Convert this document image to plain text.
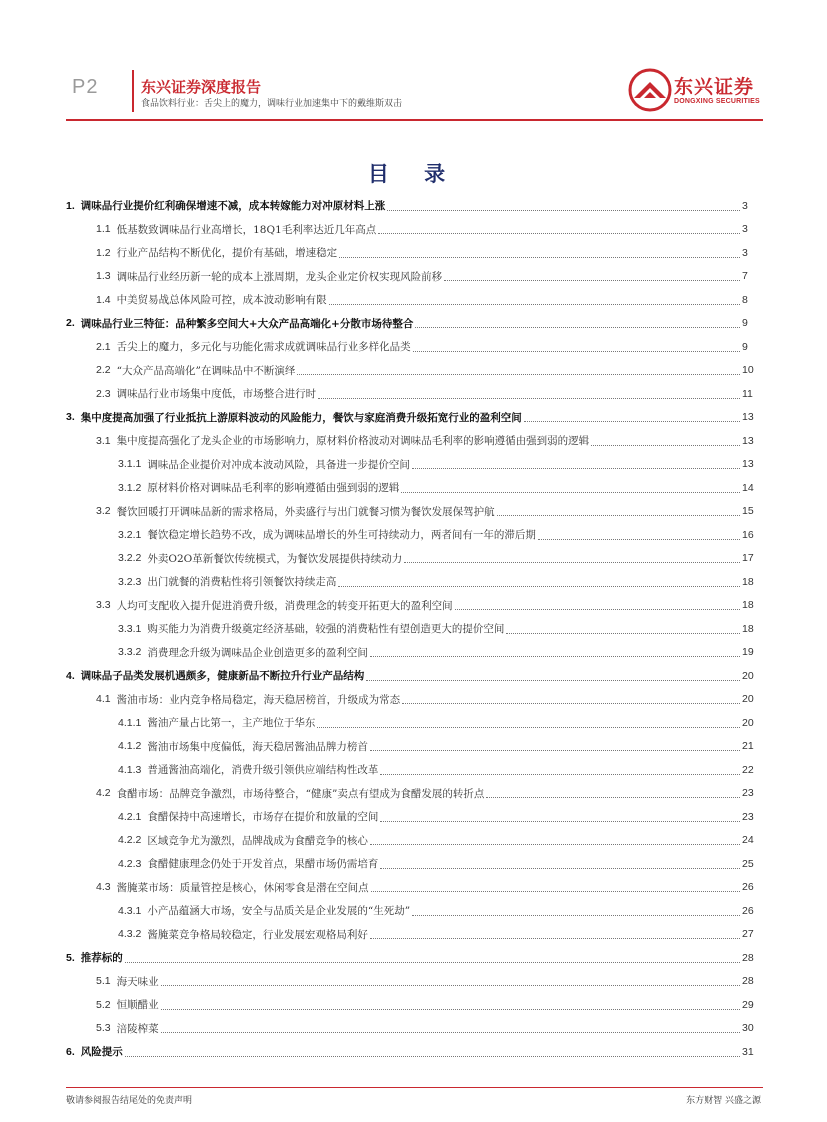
P2	东兴证券深度报告
食品饮料行业：舌尖上的魔力，调味行业加速集中下的戴维斯双击
东兴证券
DONGXING SECURITIES
目 录
1. 调味品行业提价红利确保增速不减，成本转嫁能力对冲原材料上涨	3
1.1 低基数致调味品行业高增长，18Q1毛利率达近几年高点	3
1.2 行业产品结构不断优化，提价有基础，增速稳定	3
1.3 调味品行业经历新一轮的成本上涨周期，龙头企业定价权实现风险前移	7
1.4 中美贸易战总体风险可控，成本波动影响有限	8
2. 调味品行业三特征：品种繁多空间大+大众产品高端化+分散市场待整合	9
2.1 舌尖上的魔力，多元化与功能化需求成就调味品行业多样化品类	9
2.2 “大众产品高端化”在调味品中不断演绎	10
2.3 调味品行业市场集中度低，市场整合进行时	11
3. 集中度提高加强了行业抵抗上游原料波动的风险能力，餐饮与家庭消费升级拓宽行业的盈利空间	13
3.1 集中度提高强化了龙头企业的市场影响力，原材料价格波动对调味品毛利率的影响遵循由强到弱的逻辑	13
3.1.1 调味品企业提价对冲成本波动风险，具备进一步提价空间	13
3.1.2 原材料价格对调味品毛利率的影响遵循由强到弱的逻辑	14
3.2 餐饮回暖打开调味品新的需求格局，外卖盛行与出门就餐习惯为餐饮发展保驾护航	15
3.2.1 餐饮稳定增长趋势不改，成为调味品增长的外生可持续动力，两者间有一年的滞后期	16
3.2.2 外卖O2O革新餐饮传统模式，为餐饮发展提供持续动力	17
3.2.3 出门就餐的消费粘性将引领餐饮持续走高	18
3.3 人均可支配收入提升促进消费升级，消费理念的转变开拓更大的盈利空间	18
3.3.1 购买能力为消费升级奠定经济基础，较强的消费粘性有望创造更大的提价空间	18
3.3.2 消费理念升级为调味品企业创造更多的盈利空间	19
4. 调味品子品类发展机遇颇多，健康新品不断拉升行业产品结构	20
4.1 酱油市场：业内竞争格局稳定，海天稳居榜首，升级成为常态	20
4.1.1 酱油产量占比第一，主产地位于华东	20
4.1.2 酱油市场集中度偏低，海天稳居酱油品牌力榜首	21
4.1.3 普通酱油高端化，消费升级引领供应端结构性改革	22
4.2 食醋市场：品牌竞争激烈，市场待整合，“健康”卖点有望成为食醋发展的转折点	23
4.2.1 食醋保持中高速增长，市场存在提价和放量的空间	23
4.2.2 区域竞争尤为激烈，品牌战成为食醋竞争的核心	24
4.2.3 食醋健康理念仍处于开发首点，果醋市场仍需培育	25
4.3 酱腌菜市场：质量管控是核心，休闲零食是潜在空间点	26
4.3.1 小产品蕴涵大市场，安全与品质关是企业发展的“生死劫”	26
4.3.2 酱腌菜竞争格局较稳定，行业发展宏观格局利好	27
5. 推荐标的	28
5.1 海天味业	28
5.2 恒顺醋业	29
5.3 涪陵榨菜	30
6. 风险提示	31
敬请参阅报告结尾处的免责声明	东方财智 兴盛之源
